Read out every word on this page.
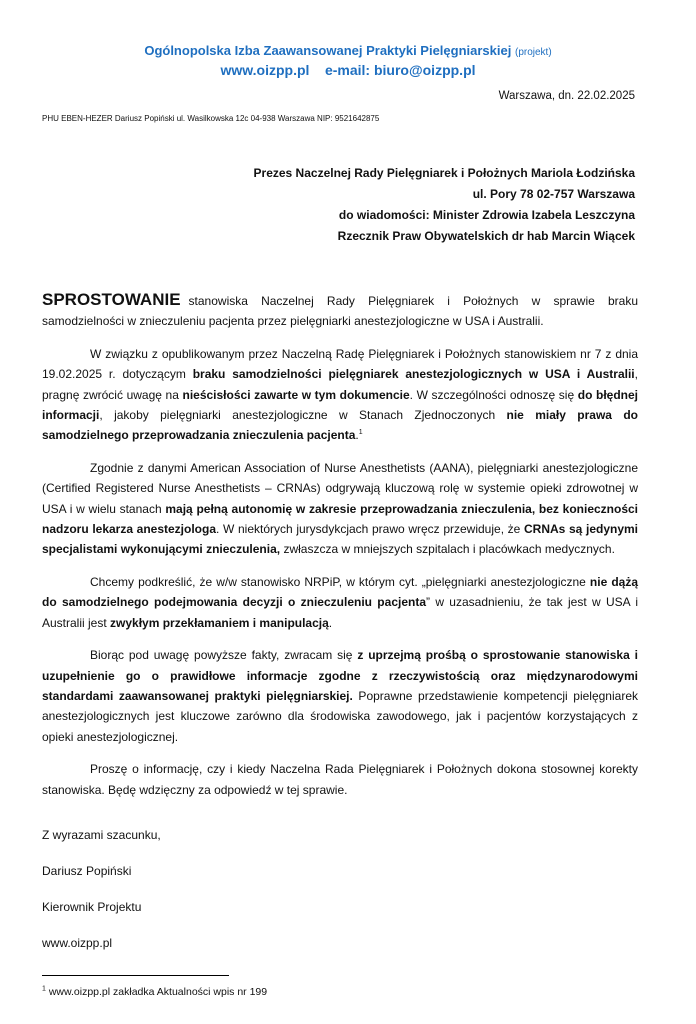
Ogólnopolska Izba Zaawansowanej Praktyki Pielęgniarskiej (projekt)
www.oizpp.pl e-mail: biuro@oizpp.pl
Warszawa, dn. 22.02.2025
PHU EBEN-HEZER Dariusz Popiński ul. Wasilkowska 12c 04-938 Warszawa NIP: 9521642875
Prezes Naczelnej Rady Pielęgniarek i Położnych Mariola Łodzińska
ul. Pory 78 02-757 Warszawa
do wiadomości: Minister Zdrowia Izabela Leszczyna
Rzecznik Praw Obywatelskich dr hab Marcin Wiącek

SPROSTOWANIE stanowiska Naczelnej Rady Pielęgniarek i Położnych w sprawie braku samodzielności w znieczuleniu pacjenta przez pielęgniarki anestezjologiczne w USA i Australii.

W związku z opublikowanym przez Naczelną Radę Pielęgniarek i Położnych stanowiskiem nr 7 z dnia 19.02.2025 r. dotyczącym braku samodzielności pielęgniarek anestezjologicznych w USA i Australii, pragnę zwrócić uwagę na nieścisłości zawarte w tym dokumencie. W szczególności odnoszę się do błędnej informacji, jakoby pielęgniarki anestezjologiczne w Stanach Zjednoczonych nie miały prawa do samodzielnego przeprowadzania znieczulenia pacjenta.$^1$

Zgodnie z danymi American Association of Nurse Anesthetists (AANA), pielęgniarki anestezjologiczne (Certified Registered Nurse Anesthetists – CRNAs) odgrywają kluczową rolę w systemie opieki zdrowotnej w USA i w wielu stanach mają pełną autonomię w zakresie przeprowadzania znieczulenia, bez konieczności nadzoru lekarza anestezjologa. W niektórych jurysdykcjach prawo wręcz przewiduje, że CRNAs są jedynymi specjalistami wykonującymi znieczulenia, zwłaszcza w mniejszych szpitalach i placówkach medycznych.

Chcemy podkreślić, że w/w stanowisko NRPiP, w którym cyt. „pielęgniarki anestezjologiczne nie dążą do samodzielnego podejmowania decyzji o znieczuleniu pacjenta” w uzasadnieniu, że tak jest w USA i Australii jest zwykłym przekłamaniem i manipulacją.

Biorąc pod uwagę powyższe fakty, zwracam się z uprzejmą prośbą o sprostowanie stanowiska i uzupełnienie go o prawidłowe informacje zgodne z rzeczywistością oraz międzynarodowymi standardami zaawansowanej praktyki pielęgniarskiej. Poprawne przedstawienie kompetencji pielęgniarek anestezjologicznych jest kluczowe zarówno dla środowiska zawodowego, jak i pacjentów korzystających z opieki anestezjologicznej.

Proszę o informację, czy i kiedy Naczelna Rada Pielęgniarek i Położnych dokona stosownej korekty stanowiska. Będę wdzięczny za odpowiedź w tej sprawie.

Z wyrazami szacunku,
Dariusz Popiński
Kierownik Projektu
www.oizpp.pl
$^1$ www.oizpp.pl zakładka Aktualności wpis nr 199
